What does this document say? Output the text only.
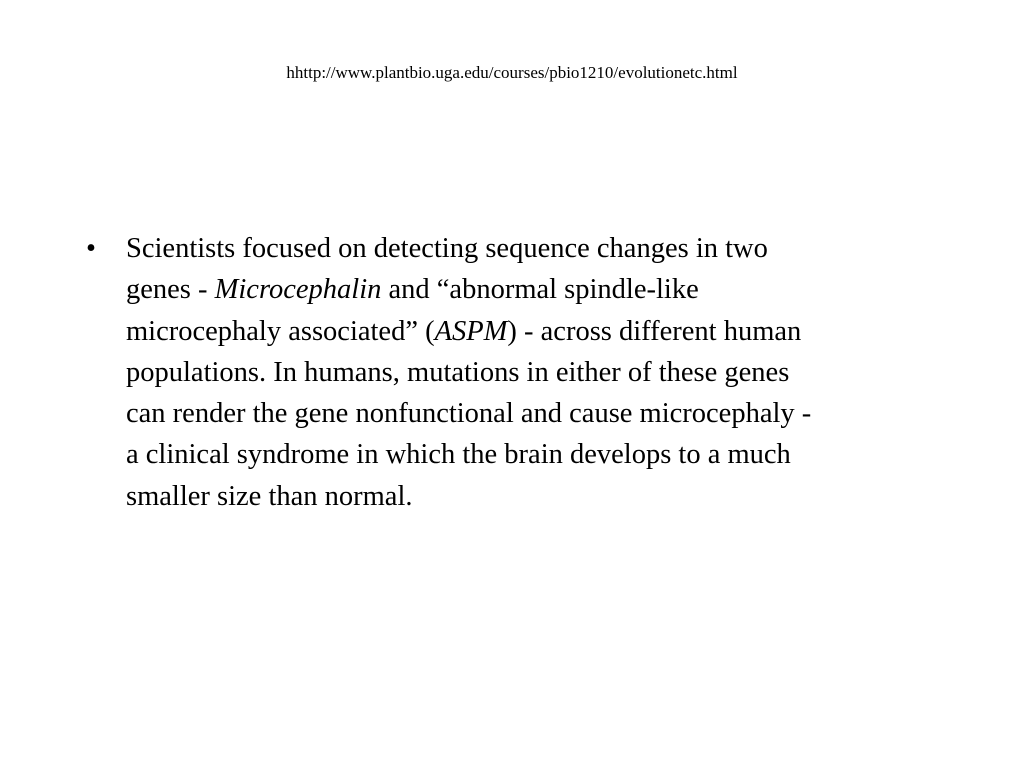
hhttp://www.plantbio.uga.edu/courses/pbio1210/evolutionetc.html
• Scientists focused on detecting sequence changes in two
genes - Microcephalin and “abnormal spindle-like
microcephaly associated” (ASPM) - across different human
populations. In humans, mutations in either of these genes
can render the gene nonfunctional and cause microcephaly -
a clinical syndrome in which the brain develops to a much
smaller size than normal.
